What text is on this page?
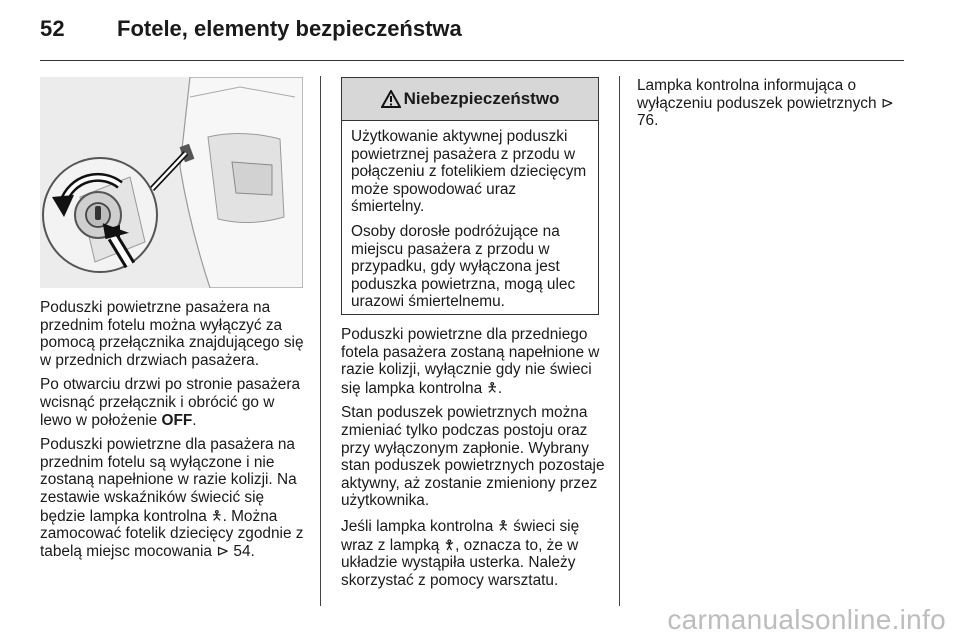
52 Fotele, elementy bezpieczeństwa

Poduszki powietrzne pasażera na przednim fotelu można wyłączyć za pomocą przełącznika znajdującego się w przednich drzwiach pasażera.

Po otwarciu drzwi po stronie pasażera wcisnąć przełącznik i obrócić go w lewo w położenie OFF.

Poduszki powietrzne dla pasażera na przednim fotelu są wyłączone i nie zostaną napełnione w razie kolizji. Na zestawie wskaźników świecić się będzie lampka kontrolna 🯅. Można zamocować fotelik dziecięcy zgodnie z tabelą miejsc mocowania ⊳ 54.

Niebezpieczeństwo

Użytkowanie aktywnej poduszki powietrznej pasażera z przodu w połączeniu z fotelikiem dziecięcym może spowodować uraz śmiertelny.

Osoby dorosłe podróżujące na miejscu pasażera z przodu w przypadku, gdy wyłączona jest poduszka powietrzna, mogą ulec urazowi śmiertelnemu.

Poduszki powietrzne dla przedniego fotela pasażera zostaną napełnione w razie kolizji, wyłącznie gdy nie świeci się lampka kontrolna 🯅.

Stan poduszek powietrznych można zmieniać tylko podczas postoju oraz przy wyłączonym zapłonie. Wybrany stan poduszek powietrznych pozostaje aktywny, aż zostanie zmieniony przez użytkownika.

Jeśli lampka kontrolna 🯅 świeci się wraz z lampką 🯆, oznacza to, że w układzie wystąpiła usterka. Należy skorzystać z pomocy warsztatu.

Lampka kontrolna informująca o wyłączeniu poduszek powietrznych ⊳ 76.

carmanualsonline.info
